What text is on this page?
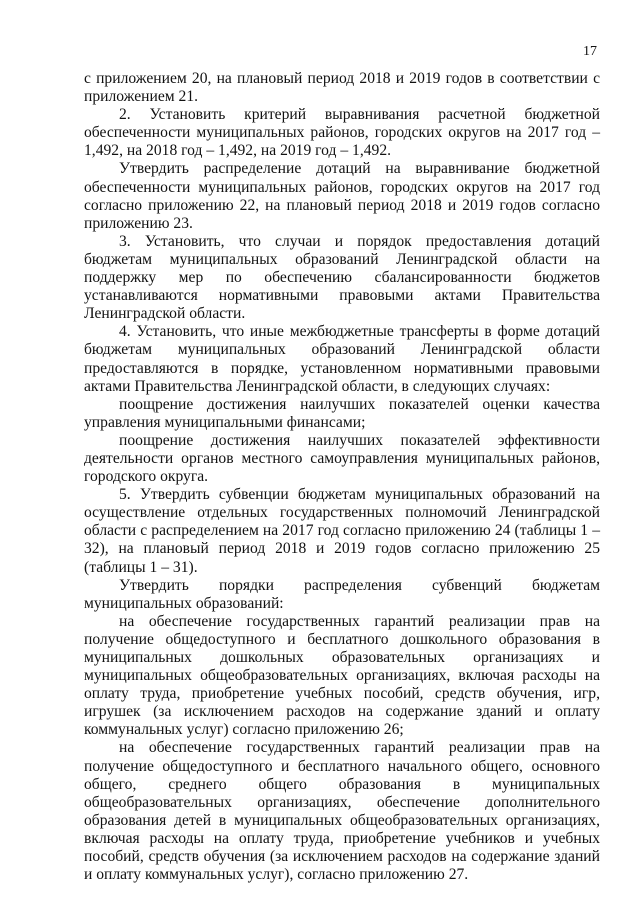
17

с приложением 20, на плановый период 2018 и 2019 годов в соответствии с приложением 21.

2. Установить критерий выравнивания расчетной бюджетной обеспеченности муниципальных районов, городских округов на 2017 год – 1,492, на 2018 год – 1,492, на 2019 год – 1,492.

Утвердить распределение дотаций на выравнивание бюджетной обеспеченности муниципальных районов, городских округов на 2017 год согласно приложению 22, на плановый период 2018 и 2019 годов согласно приложению 23.

3. Установить, что случаи и порядок предоставления дотаций бюджетам муниципальных образований Ленинградской области на поддержку мер по обеспечению сбалансированности бюджетов устанавливаются нормативными правовыми актами Правительства Ленинградской области.

4. Установить, что иные межбюджетные трансферты в форме дотаций бюджетам муниципальных образований Ленинградской области предоставляются в порядке, установленном нормативными правовыми актами Правительства Ленинградской области, в следующих случаях:

поощрение достижения наилучших показателей оценки качества управления муниципальными финансами;

поощрение достижения наилучших показателей эффективности деятельности органов местного самоуправления муниципальных районов, городского округа.

5. Утвердить субвенции бюджетам муниципальных образований на осуществление отдельных государственных полномочий Ленинградской области с распределением на 2017 год согласно приложению 24 (таблицы 1 – 32), на плановый период 2018 и 2019 годов согласно приложению 25 (таблицы 1 – 31).

Утвердить порядки распределения субвенций бюджетам муниципальных образований:

на обеспечение государственных гарантий реализации прав на получение общедоступного и бесплатного дошкольного образования в муниципальных дошкольных образовательных организациях и муниципальных общеобразовательных организациях, включая расходы на оплату труда, приобретение учебных пособий, средств обучения, игр, игрушек (за исключением расходов на содержание зданий и оплату коммунальных услуг) согласно приложению 26;

на обеспечение государственных гарантий реализации прав на получение общедоступного и бесплатного начального общего, основного общего, среднего общего образования в муниципальных общеобразовательных организациях, обеспечение дополнительного образования детей в муниципальных общеобразовательных организациях, включая расходы на оплату труда, приобретение учебников и учебных пособий, средств обучения (за исключением расходов на содержание зданий и оплату коммунальных услуг), согласно приложению 27.
